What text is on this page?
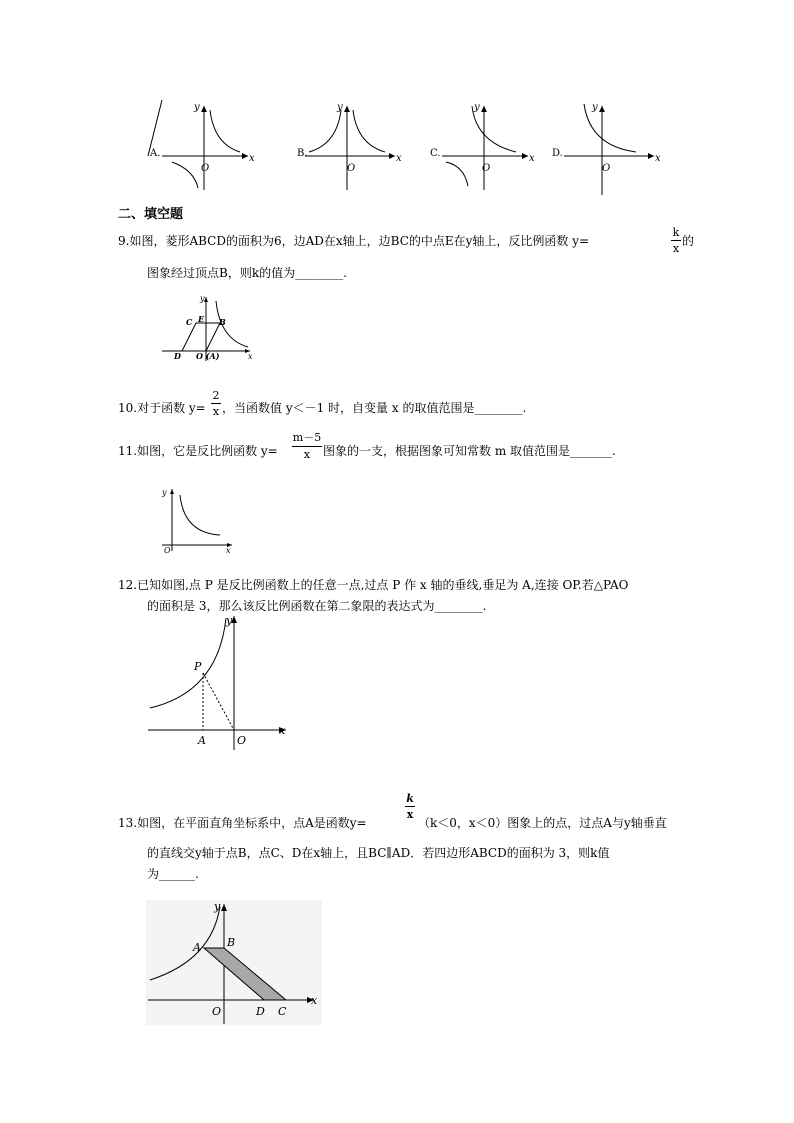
A.
y
x
O
B.
y
x
O
C.
y
x
O
D.
y
x
O
二、填空题
9.如图，菱形ABCD的面积为6，边AD在x轴上，边BC的中点E在y轴上，反比例函数 y=
k
x
的
图象经过顶点B，则k的值为________.
y
C E B
D O (A)	x
10.对于函数 y=
2
x ，当函数值 y＜－1 时，自变量 x 的取值范围是________.
11.如图，它是反比例函数 y=
m－5
x	图象的一支，根据图象可知常数 m 取值范围是_______.
y
O	x
12.已知如图,点 P 是反比例函数上的任意一点,过点 P 作 x 轴的垂线,垂足为 A,连接 OP.若△PAO
的面积是 3，那么该反比例函数在第二象限的表达式为________.
y
P
A	O
x
13.如图，在平面直角坐标系中，点A是函数y=
k
x
（k＜0，x＜0）图象上的点，过点A与y轴垂直
的直线交y轴于点B，点C、D在x轴上，且BC∥AD．若四边形ABCD的面积为 3，则k值
为______.
y
A B
O	D C
x
